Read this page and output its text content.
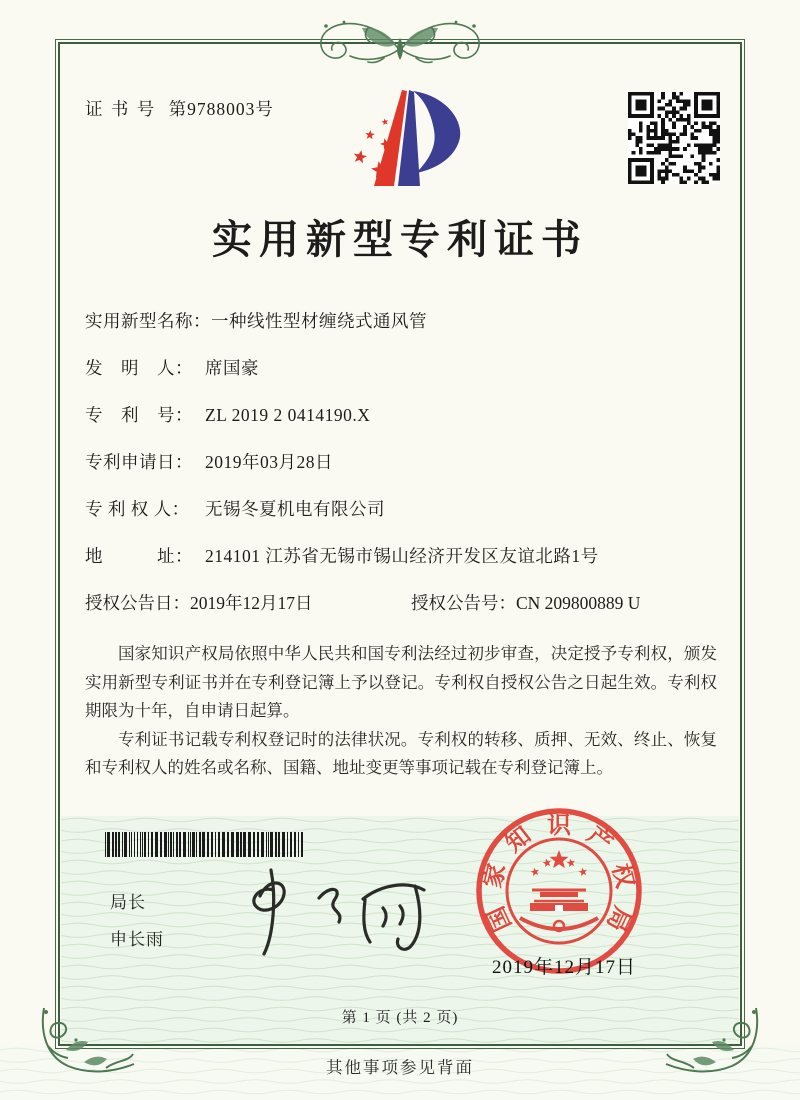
证 书 号 第9788003号
实用新型专利证书
实用新型名称：一种线性型材缠绕式通风管
发　明　人： 席国豪
专　利　号： ZL 2019 2 0414190.X
专利申请日： 2019年03月28日
专 利 权 人： 无锡冬夏机电有限公司
地　　　址： 214101 江苏省无锡市锡山经济开发区友谊北路1号
授权公告日：2019年12月17日	授权公告号：CN 209800889 U

国家知识产权局依照中华人民共和国专利法经过初步审查，决定授予专利权，颁发实用新型专利证书并在专利登记簿上予以登记。专利权自授权公告之日起生效。专利权期限为十年，自申请日起算。

专利证书记载专利权登记时的法律状况。专利权的转移、质押、无效、终止、恢复和专利权人的姓名或名称、国籍、地址变更等事项记载在专利登记簿上。

局长
申长雨
国
家
知 识 产
权
局
2019年12月17日
第 1 页 (共 2 页)
其他事项参见背面
